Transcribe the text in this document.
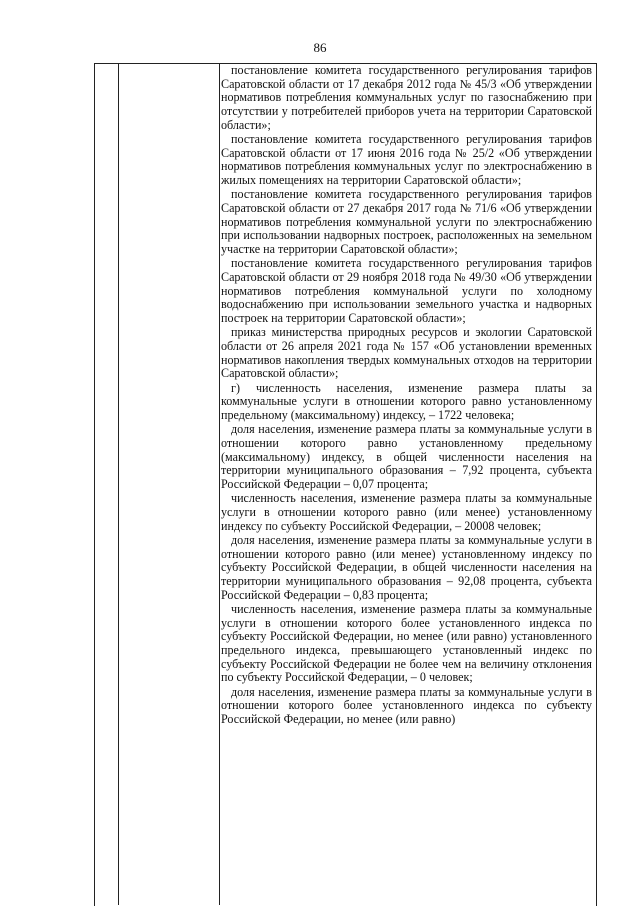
86

постановление комитета государственного регулирования тарифов Саратовской области от 17 декабря 2012 года № 45/3 «Об утверждении нормативов потребления коммунальных услуг по газоснабжению при отсутствии у потребителей приборов учета на территории Саратовской области»;

постановление комитета государственного регулирования тарифов Саратовской области от 17 июня 2016 года № 25/2 «Об утверждении нормативов потребления коммунальных услуг по электроснабжению в жилых помещениях на территории Саратовской области»;

постановление комитета государственного регулирования тарифов Саратовской области от 27 декабря 2017 года № 71/6 «Об утверждении нормативов потребления коммунальной услуги по электроснабжению при использовании надворных построек, расположенных на земельном участке на территории Саратовской области»;

постановление комитета государственного регулирования тарифов Саратовской области от 29 ноября 2018 года № 49/30 «Об утверждении нормативов потребления коммунальной услуги по холодному водоснабжению при использовании земельного участка и надворных построек на территории Саратовской области»;

приказ министерства природных ресурсов и экологии Саратовской области от 26 апреля 2021 года № 157 «Об установлении временных нормативов накопления твердых коммунальных отходов на территории Саратовской области»;

г) численность населения, изменение размера платы за коммунальные услуги в отношении которого равно установленному предельному (максимальному) индексу, – 1722 человека;

доля населения, изменение размера платы за коммунальные услуги в отношении которого равно установленному предельному (максимальному) индексу, в общей численности населения на территории муниципального образования – 7,92 процента, субъекта Российской Федерации – 0,07 процента;

численность населения, изменение размера платы за коммунальные услуги в отношении которого равно (или менее) установленному индексу по субъекту Российской Федерации, – 20008 человек;

доля населения, изменение размера платы за коммунальные услуги в отношении которого равно (или менее) установленному индексу по субъекту Российской Федерации, в общей численности населения на территории муниципального образования – 92,08 процента, субъекта Российской Федерации – 0,83 процента;

численность населения, изменение размера платы за коммунальные услуги в отношении которого более установленного индекса по субъекту Российской Федерации, но менее (или равно) установленного предельного индекса, превышающего установленный индекс по субъекту Российской Федерации не более чем на величину отклонения по субъекту Российской Федерации, – 0 человек;

доля населения, изменение размера платы за коммунальные услуги в отношении которого более установленного индекса по субъекту Российской Федерации, но менее (или равно)
